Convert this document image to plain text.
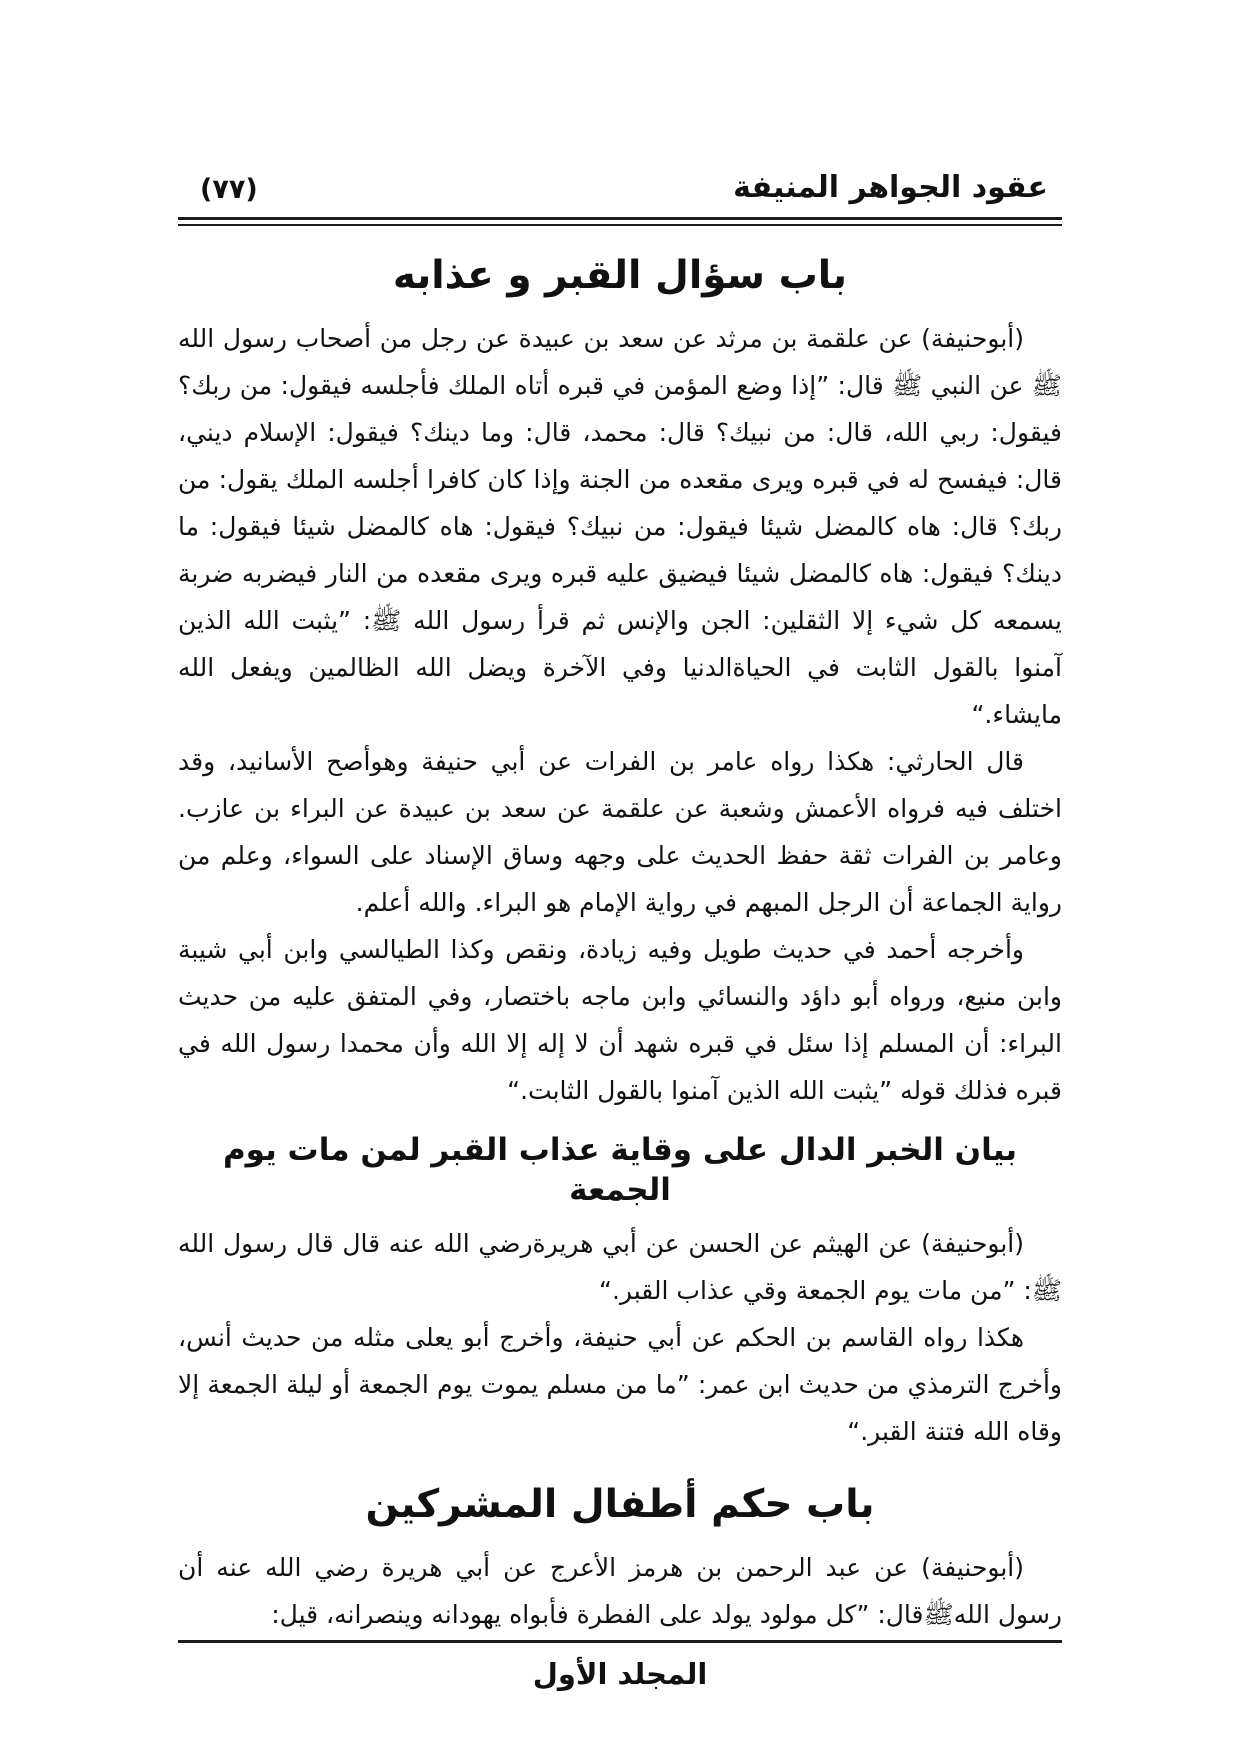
عقود الجواهر المنيفة
(٧٧)
باب سؤال القبر و عذابه

(أبوحنيفة) عن علقمة بن مرثد عن سعد بن عبيدة عن رجل من أصحاب رسول الله ﷺ عن النبي ﷺ قال: ”إذا وضع المؤمن في قبره أتاه الملك فأجلسه فيقول: من ربك؟ فيقول: ربي الله، قال: من نبيك؟ قال: محمد، قال: وما دينك؟ فيقول: الإسلام ديني، قال: فيفسح له في قبره ويرى مقعده من الجنة وإذا كان كافرا أجلسه الملك يقول: من ربك؟ قال: هاه كالمضل شيئا فيقول: من نبيك؟ فيقول: هاه كالمضل شيئا فيقول: ما دينك؟ فيقول: هاه كالمضل شيئا فيضيق عليه قبره ويرى مقعده من النار فيضربه ضربة يسمعه كل شيء إلا الثقلين: الجن والإنس ثم قرأ رسول الله ﷺ: ”يثبت الله الذين آمنوا بالقول الثابت في الحياةالدنيا وفي الآخرة ويضل الله الظالمين ويفعل الله مايشاء.“

قال الحارثي: هكذا رواه عامر بن الفرات عن أبي حنيفة وهوأصح الأسانيد، وقد اختلف فيه فرواه الأعمش وشعبة عن علقمة عن سعد بن عبيدة عن البراء بن عازب. وعامر بن الفرات ثقة حفظ الحديث على وجهه وساق الإسناد على السواء، وعلم من رواية الجماعة أن الرجل المبهم في رواية الإمام هو البراء. والله أعلم.

وأخرجه أحمد في حديث طويل وفيه زيادة، ونقص وكذا الطيالسي وابن أبي شيبة وابن منيع، ورواه أبو داؤد والنسائي وابن ماجه باختصار، وفي المتفق عليه من حديث البراء: أن المسلم إذا سئل في قبره شهد أن لا إله إلا الله وأن محمدا رسول الله في قبره فذلك قوله ”يثبت الله الذين آمنوا بالقول الثابت.“

بيان الخبر الدال على وقاية عذاب القبر لمن مات يوم الجمعة

(أبوحنيفة) عن الهيثم عن الحسن عن أبي هريرةرضي الله عنه قال قال رسول الله ﷺ: ”من مات يوم الجمعة وقي عذاب القبر.“

هكذا رواه القاسم بن الحكم عن أبي حنيفة، وأخرج أبو يعلى مثله من حديث أنس، وأخرج الترمذي من حديث ابن عمر: ”ما من مسلم يموت يوم الجمعة أو ليلة الجمعة إلا وقاه الله فتنة القبر.“

باب حكم أطفال المشركين

(أبوحنيفة) عن عبد الرحمن بن هرمز الأعرج عن أبي هريرة رضي الله عنه أن رسول اللهﷺقال: ”كل مولود يولد على الفطرة فأبواه يهودانه وينصرانه، قيل:

المجلد الأول
